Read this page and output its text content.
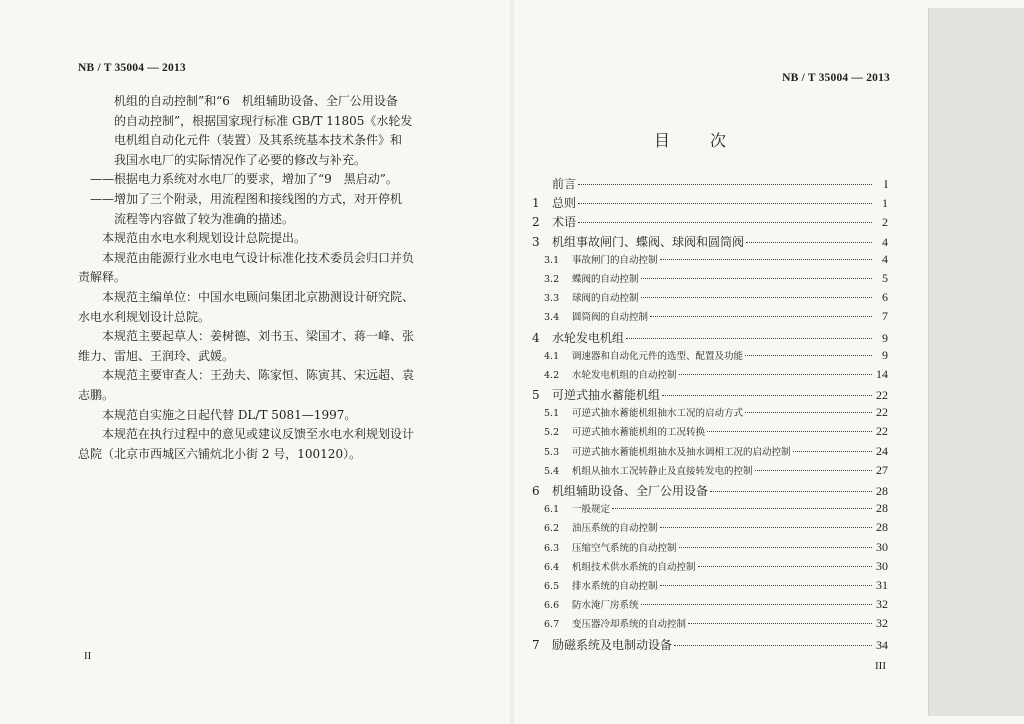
NB / T 35004 — 2013
机组的自动控制”和“6　机组辅助设备、全厂公用设备
的自动控制”，根据国家现行标准 GB/T 11805《水轮发
电机组自动化元件（装置）及其系统基本技术条件》和
我国水电厂的实际情况作了必要的修改与补充。
——根据电力系统对水电厂的要求，增加了“9　黑启动”。
——增加了三个附录，用流程图和接线图的方式，对开停机
流程等内容做了较为准确的描述。
本规范由水电水利规划设计总院提出。
本规范由能源行业水电电气设计标准化技术委员会归口并负
责解释。
本规范主编单位：中国水电顾问集团北京勘测设计研究院、
水电水利规划设计总院。
本规范主要起草人：姜树德、刘书玉、梁国才、蒋一峰、张
维力、雷旭、王润玲、武媛。
本规范主要审查人：王劲夫、陈家恒、陈寅其、宋远超、袁
志鹏。
本规范自实施之日起代替 DL/T 5081—1997。
本规范在执行过程中的意见或建议反馈至水电水利规划设计
总院（北京市西城区六铺炕北小街 2 号，100120）。
II
NB / T 35004 — 2013
目次
前言	I
1	总则	1
2	术语	2
3	机组事故闸门、蝶阀、球阀和圆筒阀	4
3.1	事故闸门的自动控制	4
3.2	蝶阀的自动控制	5
3.3	球阀的自动控制	6
3.4	圆筒阀的自动控制	7
4	水轮发电机组	9
4.1	调速器和自动化元件的选型、配置及功能	9
4.2	水轮发电机组的自动控制	14
5	可逆式抽水蓄能机组	22
5.1	可逆式抽水蓄能机组抽水工况的启动方式	22
5.2	可逆式抽水蓄能机组的工况转换	22
5.3	可逆式抽水蓄能机组抽水及抽水调相工况的启动控制	24
5.4	机组从抽水工况转静止及直接转发电的控制	27
6	机组辅助设备、全厂公用设备	28
6.1	一般规定	28
6.2	油压系统的自动控制	28
6.3	压缩空气系统的自动控制	30
6.4	机组技术供水系统的自动控制	30
6.5	排水系统的自动控制	31
6.6	防水淹厂房系统	32
6.7	变压器冷却系统的自动控制	32
7	励磁系统及电制动设备	34
III
